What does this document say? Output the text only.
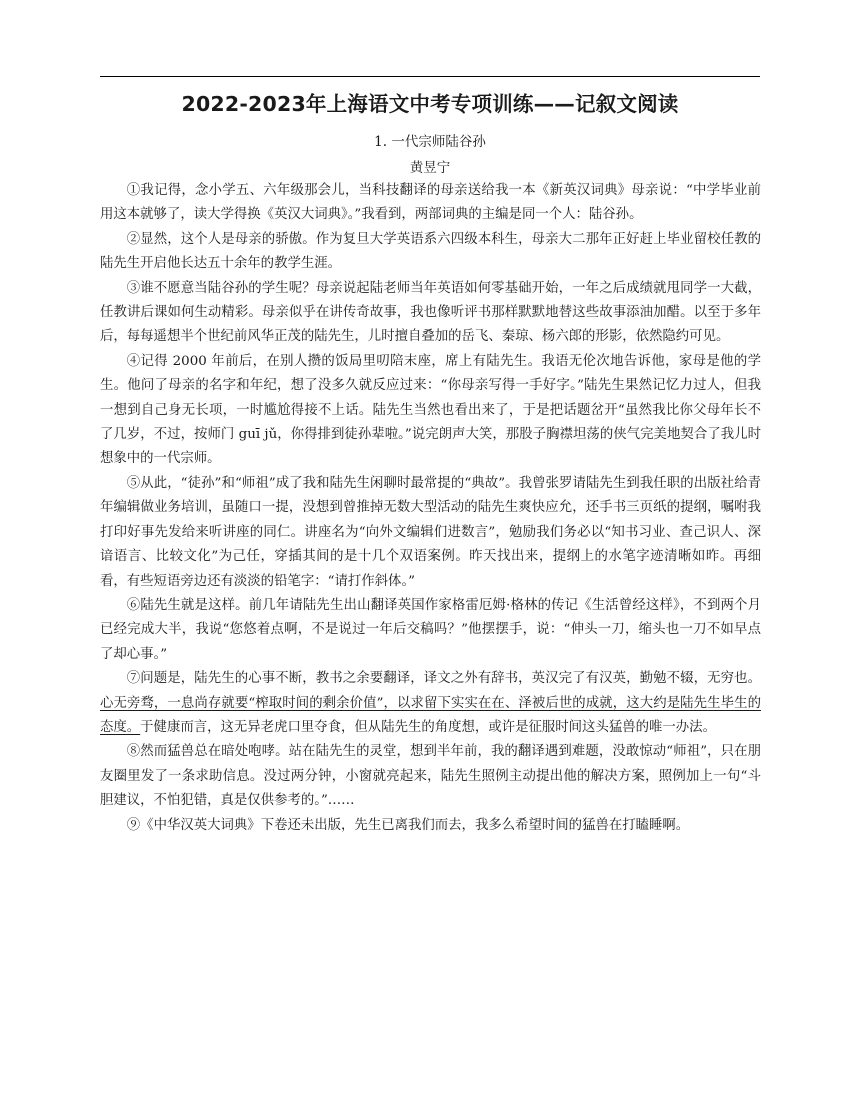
2022-2023年上海语文中考专项训练——记叙文阅读
1. 一代宗师陆谷孙
黄昱宁

①我记得，念小学五、六年级那会儿，当科技翻译的母亲送给我一本《新英汉词典》母亲说：“中学毕业前用这本就够了，读大学得换《英汉大词典》。”我看到，两部词典的主编是同一个人：陆谷孙。

②显然，这个人是母亲的骄傲。作为复旦大学英语系六四级本科生，母亲大二那年正好赶上毕业留校任教的陆先生开启他长达五十余年的教学生涯。

③谁不愿意当陆谷孙的学生呢？母亲说起陆老师当年英语如何零基础开始，一年之后成绩就甩同学一大截，任教讲后课如何生动精彩。母亲似乎在讲传奇故事，我也像听评书那样默默地替这些故事添油加醋。以至于多年后，每每遥想半个世纪前风华正茂的陆先生，儿时擅自叠加的岳飞、秦琼、杨六郎的形影，依然隐约可见。

④记得 2000 年前后，在别人攒的饭局里叨陪末座，席上有陆先生。我语无伦次地告诉他，家母是他的学生。他问了母亲的名字和年纪，想了没多久就反应过来：“你母亲写得一手好字。”陆先生果然记忆力过人，但我一想到自己身无长项，一时尴尬得接不上话。陆先生当然也看出来了，于是把话题岔开“虽然我比你父母年长不了几岁，不过，按师门 guī jǔ，你得排到徒孙辈啦。”说完朗声大笑，那股子胸襟坦荡的侠气完美地契合了我儿时想象中的一代宗师。

⑤从此，“徒孙”和“师祖”成了我和陆先生闲聊时最常提的“典故”。我曾张罗请陆先生到我任职的出版社给青年编辑做业务培训，虽随口一提，没想到曾推掉无数大型活动的陆先生爽快应允，还手书三页纸的提纲，嘱咐我打印好事先发给来听讲座的同仁。讲座名为“向外文编辑们进数言”，勉励我们务必以“知书习业、查己识人、深谙语言、比较文化”为己任，穿插其间的是十几个双语案例。昨天找出来，提纲上的水笔字迹清晰如昨。再细看，有些短语旁边还有淡淡的铅笔字：“请打作斜体。”

⑥陆先生就是这样。前几年请陆先生出山翻译英国作家格雷厄姆·格林的传记《生活曾经这样》，不到两个月已经完成大半，我说“您悠着点啊，不是说过一年后交稿吗？”他摆摆手，说：“伸头一刀，缩头也一刀不如早点了却心事。”

⑦问题是，陆先生的心事不断，教书之余要翻译，译文之外有辞书，英汉完了有汉英，勤勉不辍，无穷也。心无旁骛，一息尚存就要“榨取时间的剩余价值”，以求留下实实在在、泽被后世的成就，这大约是陆先生毕生的态度。于健康而言，这无异老虎口里夺食，但从陆先生的角度想，或许是征服时间这头猛兽的唯一办法。

⑧然而猛兽总在暗处咆哮。站在陆先生的灵堂，想到半年前，我的翻译遇到难题，没敢惊动“师祖”，只在朋友圈里发了一条求助信息。没过两分钟，小窗就亮起来，陆先生照例主动提出他的解决方案，照例加上一句“斗胆建议，不怕犯错，真是仅供参考的。”……

⑨《中华汉英大词典》下卷还未出版，先生已离我们而去，我多么希望时间的猛兽在打瞌睡啊。
